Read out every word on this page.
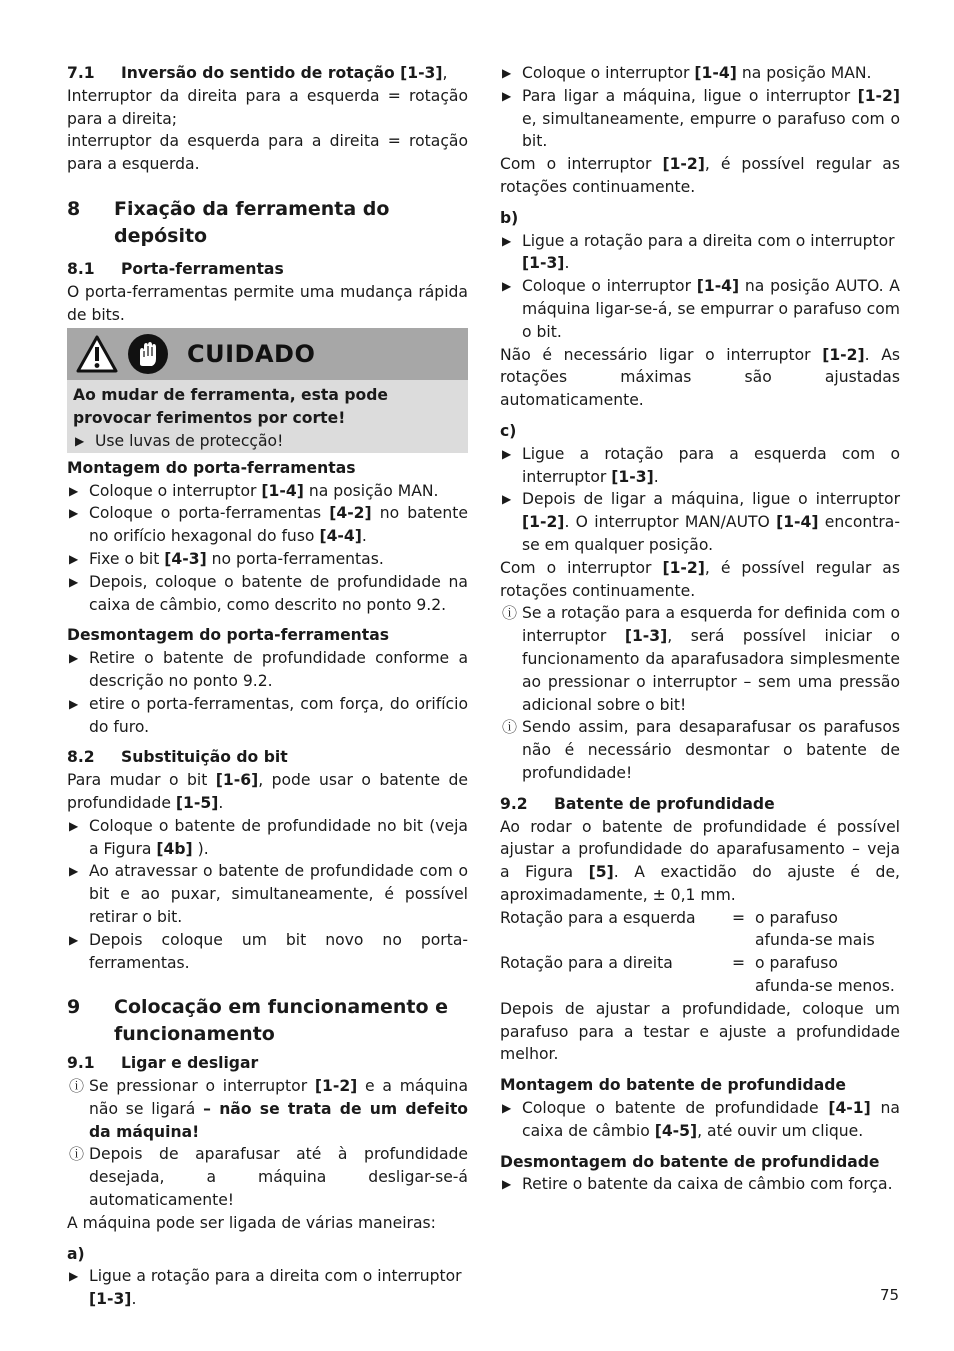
7.1 Inversão do sentido de rotação [1-3],

Interruptor da direita para a esquerda = rotação para a direita;

interruptor da esquerda para a direita = rotação para a esquerda.

8	Fixação da ferramenta do depósito

8.1 Porta-ferramentas

O porta-ferramentas permite uma mudança rápida de bits.

CUIDADO

Ao mudar de ferramenta, esta pode provocar ferimentos por corte!

▶ Use luvas de protecção!

Montagem do porta-ferramentas

▶ Coloque o interruptor [1-4] na posição MAN.
▶ Coloque o porta-ferramentas [4-2] no batente no orifício hexagonal do fuso [4-4].
▶ Fixe o bit [4-3] no porta-ferramentas.
▶ Depois, coloque o batente de profundidade na caixa de câmbio, como descrito no ponto 9.2.

Desmontagem do porta-ferramentas

▶ Retire o batente de profundidade conforme a descrição no ponto 9.2.
▶ etire o porta-ferramentas, com força, do orifício do furo.

8.2 Substituição do bit

Para mudar o bit [1-6], pode usar o batente de profundidade [1-5].

▶ Coloque o batente de profundidade no bit (veja a Figura [4b] ).
▶ Ao atravessar o batente de profundidade com o bit e ao puxar, simultaneamente, é possível retirar o bit.
▶ Depois coloque um bit novo no porta-ferramentas.
9	Colocação em funcionamento e funcionamento

9.1 Ligar e desligar

ⓘ Se pressionar o interruptor [1-2] e a máquina não se ligará – não se trata de um defeito da máquina!
ⓘ Depois de aparafusar até à profundidade desejada, a máquina desligar-se-á automaticamente!

A máquina pode ser ligada de várias maneiras:

a)

▶ Ligue a rotação para a direita com o interruptor [1-3].
▶ Coloque o interruptor [1-4] na posição MAN.
▶ Para ligar a máquina, ligue o interruptor [1-2] e, simultaneamente, empurre o parafuso com o bit.

Com o interruptor [1-2], é possível regular as rotações continuamente.

b)

▶ Ligue a rotação para a direita com o interruptor [1-3].
▶ Coloque o interruptor [1-4] na posição AUTO. A máquina ligar-se-á, se empurrar o parafuso com o bit.

Não é necessário ligar o interruptor [1-2]. As rotações máximas são ajustadas automaticamente.

c)

▶ Ligue a rotação para a esquerda com o interruptor [1-3].
▶ Depois de ligar a máquina, ligue o interruptor [1-2]. O interruptor MAN/AUTO [1-4] encontra-se em qualquer posição.

Com o interruptor [1-2], é possível regular as rotações continuamente.

ⓘ Se a rotação para a esquerda for definida com o interruptor [1-3], será possível iniciar o funcionamento da aparafusadora simplesmente ao pressionar o interruptor – sem uma pressão adicional sobre o bit!
ⓘ Sendo assim, para desaparafusar os parafusos não é necessário desmontar o batente de profundidade!

9.2 Batente de profundidade

Ao rodar o batente de profundidade é possível ajustar a profundidade do aparafusamento – veja a Figura [5]. A exactidão do ajuste é de, aproximadamente, ± 0,1 mm.

Rotação para a esquerda	= o parafuso afunda-se mais
Rotação para a direita	= o parafuso afunda-se menos.

Depois de ajustar a profundidade, coloque um parafuso para a testar e ajuste a profundidade melhor.

Montagem do batente de profundidade

▶ Coloque o batente de profundidade [4-1] na caixa de câmbio [4-5], até ouvir um clique.

Desmontagem do batente de profundidade

▶ Retire o batente da caixa de câmbio com força.
75
